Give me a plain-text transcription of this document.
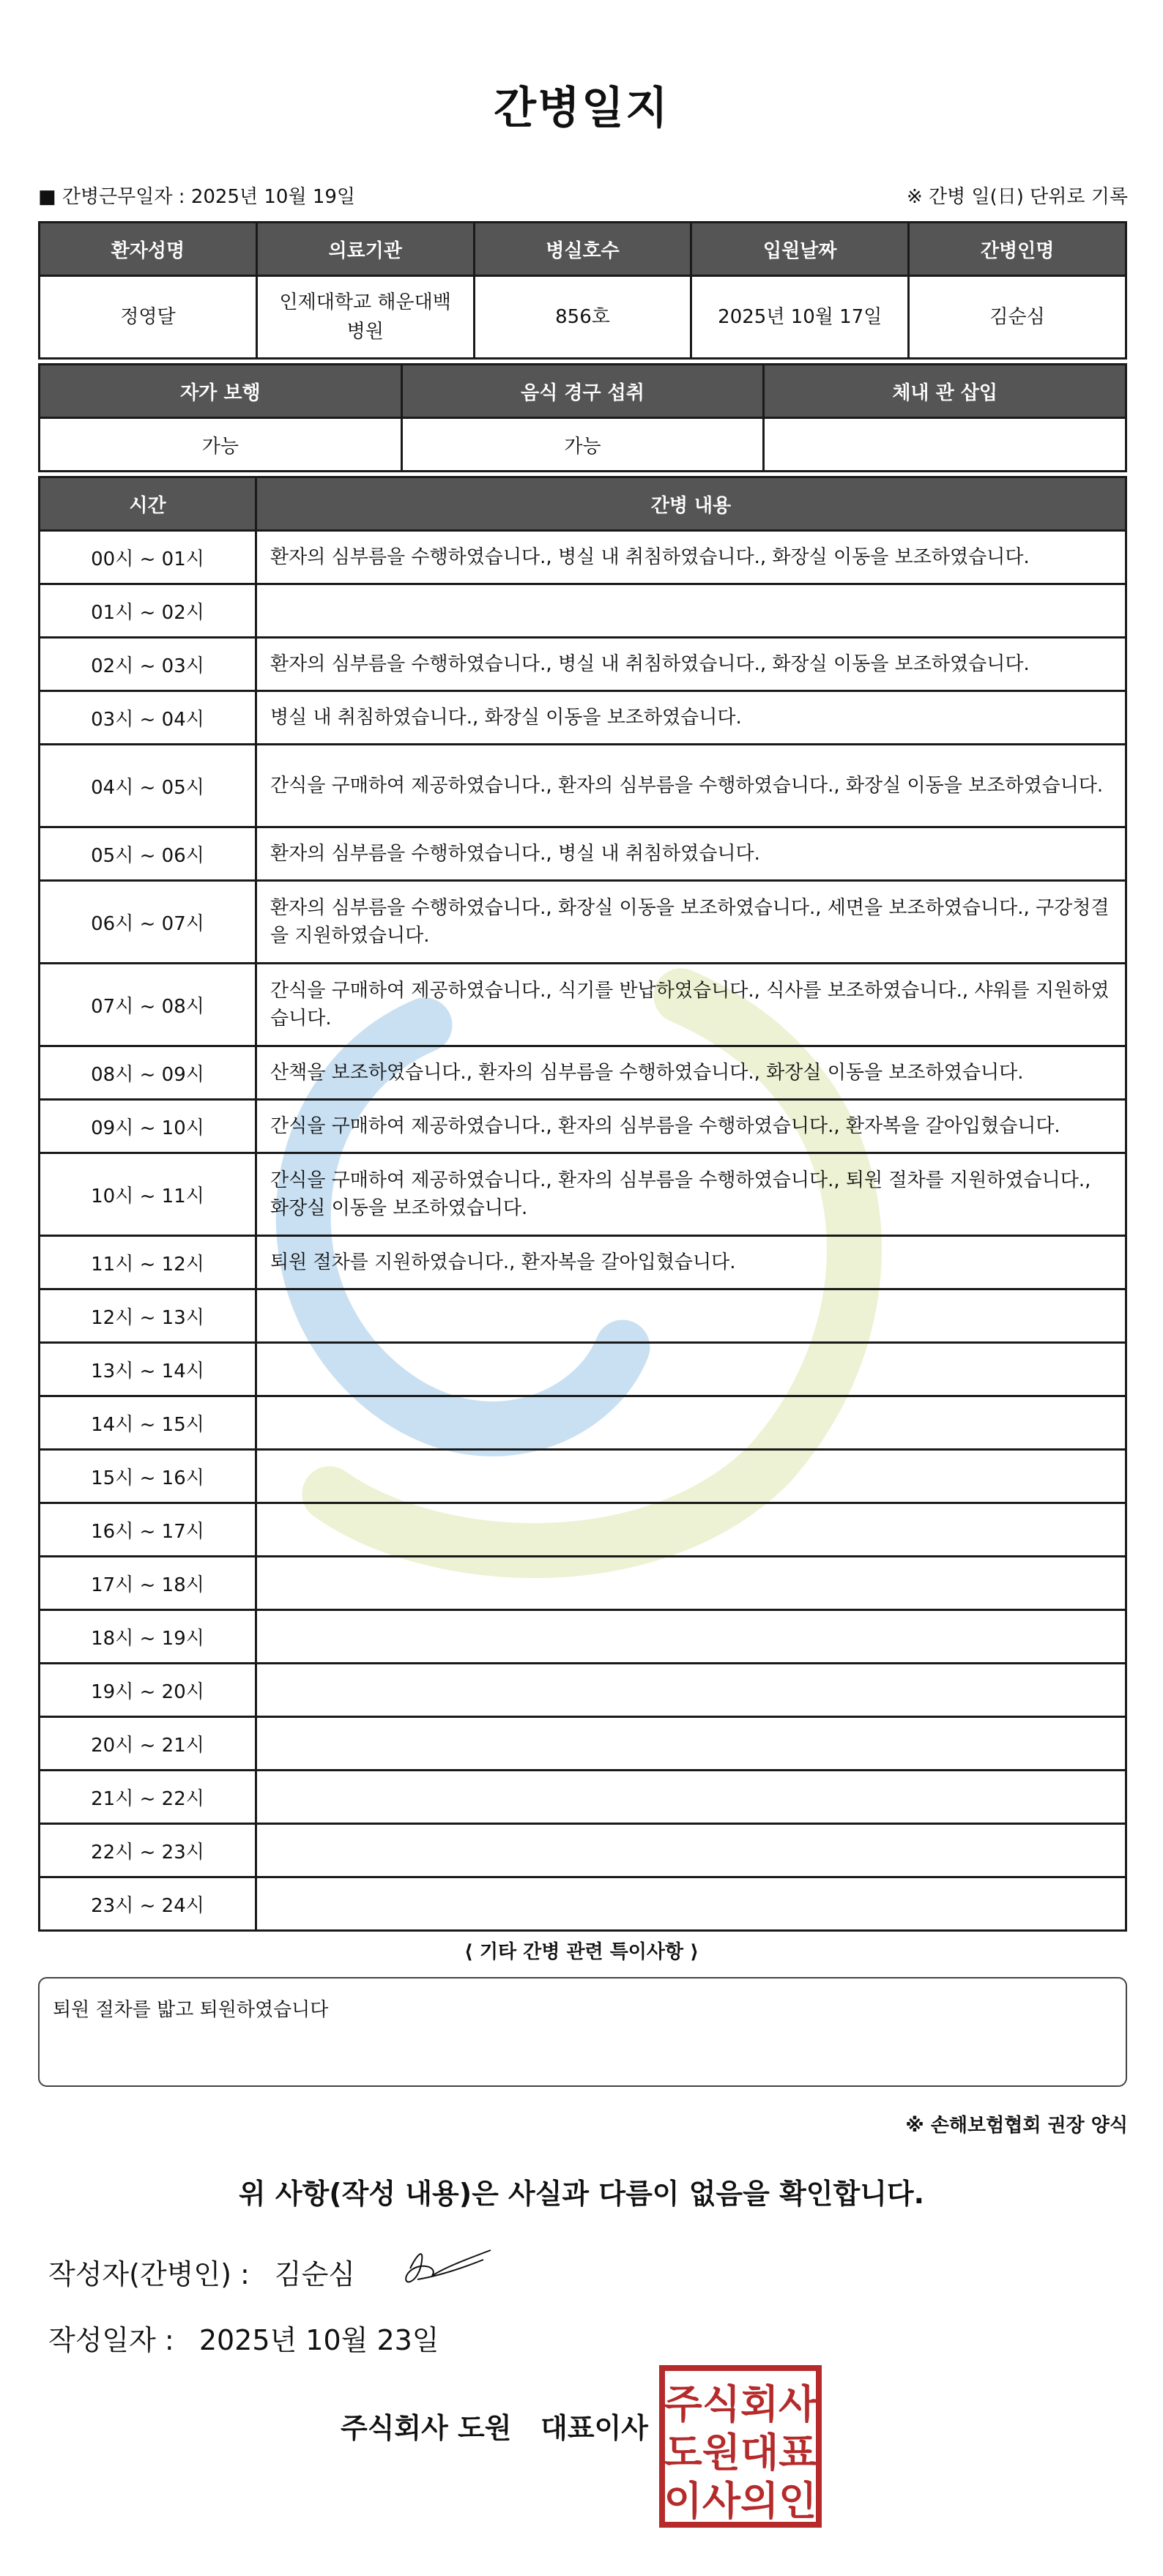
간병일지
■ 간병근무일자 : 2025년 10월 19일	※ 간병 일(日) 단위로 기록
환자성명	의료기관	병실호수	입원날짜	간병인명
정영달	인제대학교 해운대백병원	856호	2025년 10월 17일	김순심
자가 보행	음식 경구 섭취	체내 관 삽입
가능	가능	
시간	간병 내용
00시 ~ 01시	환자의 심부름을 수행하였습니다., 병실 내 취침하였습니다., 화장실 이동을 보조하였습니다.
01시 ~ 02시	
02시 ~ 03시	환자의 심부름을 수행하였습니다., 병실 내 취침하였습니다., 화장실 이동을 보조하였습니다.
03시 ~ 04시	병실 내 취침하였습니다., 화장실 이동을 보조하였습니다.
04시 ~ 05시	간식을 구매하여 제공하였습니다., 환자의 심부름을 수행하였습니다., 화장실 이동을 보조하였습니다.
05시 ~ 06시	환자의 심부름을 수행하였습니다., 병실 내 취침하였습니다.
06시 ~ 07시	환자의 심부름을 수행하였습니다., 화장실 이동을 보조하였습니다., 세면을 보조하였습니다., 구강청결을 지원하였습니다.
07시 ~ 08시	간식을 구매하여 제공하였습니다., 식기를 반납하였습니다., 식사를 보조하였습니다., 샤워를 지원하였습니다.
08시 ~ 09시	산책을 보조하였습니다., 환자의 심부름을 수행하였습니다., 화장실 이동을 보조하였습니다.
09시 ~ 10시	간식을 구매하여 제공하였습니다., 환자의 심부름을 수행하였습니다., 환자복을 갈아입혔습니다.
10시 ~ 11시	간식을 구매하여 제공하였습니다., 환자의 심부름을 수행하였습니다., 퇴원 절차를 지원하였습니다., 화장실 이동을 보조하였습니다.
11시 ~ 12시	퇴원 절차를 지원하였습니다., 환자복을 갈아입혔습니다.
12시 ~ 13시	
13시 ~ 14시	
14시 ~ 15시	
15시 ~ 16시	
16시 ~ 17시	
17시 ~ 18시	
18시 ~ 19시	
19시 ~ 20시	
20시 ~ 21시	
21시 ~ 22시	
22시 ~ 23시	
23시 ~ 24시	
⟨ 기타 간병 관련 특이사항 ⟩
퇴원 절차를 밟고 퇴원하였습니다
※ 손해보험협회 권장 양식
위 사항(작성 내용)은 사실과 다름이 없음을 확인합니다.
작성자(간병인) : 김순심
작성일자 : 2025년 10월 23일
주식회사 도원   대표이사
주식회사
도원대표
이사의인
